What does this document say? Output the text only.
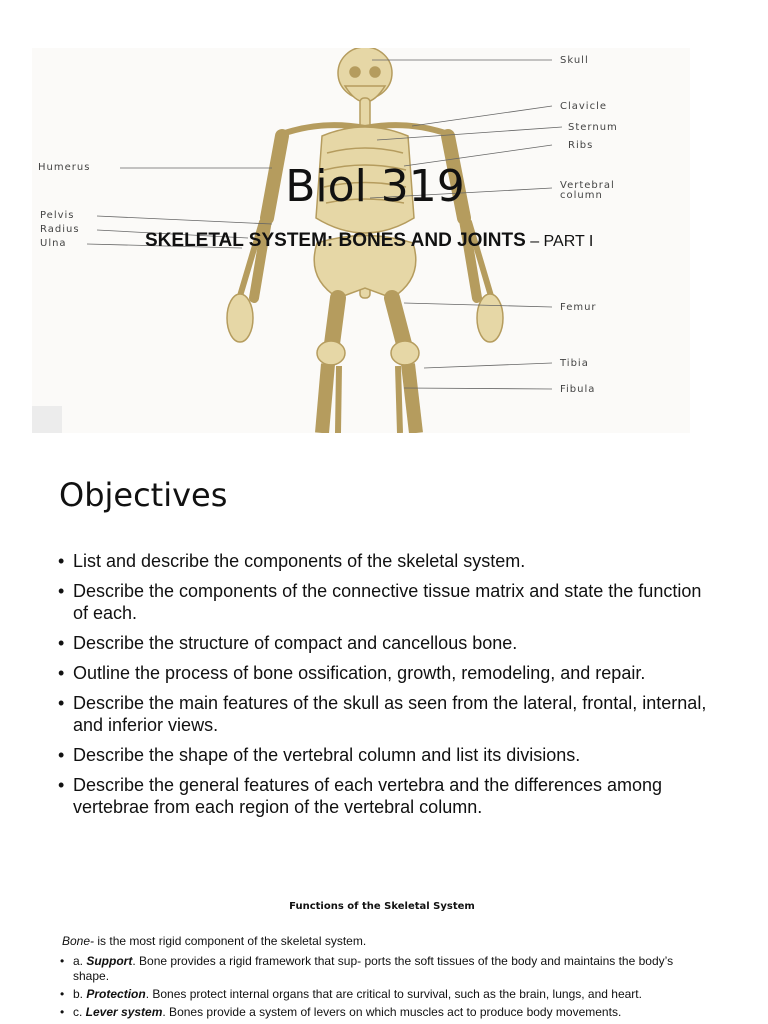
Skull
Clavicle
Sternum
Ribs
Vertebral
column
Femur
Tibia
Fibula
Humerus
Pelvis
Radius
Ulna
Biol 319
SKELETAL SYSTEM: BONES AND JOINTS – PART I
Objectives
• List and describe the components of the skeletal system.
• Describe the components of the connective tissue matrix and state the function of each.
• Describe the structure of compact and cancellous bone.
• Outline the process of bone ossification, growth, remodeling, and repair.
• Describe the main features of the skull as seen from the lateral, frontal, internal, and inferior views.
• Describe the shape of the vertebral column and list its divisions.
• Describe the general features of each vertebra and the differences among vertebrae from each region of the vertebral column.
Functions of the Skeletal System
Bone- is the most rigid component of the skeletal system.
• a. Support. Bone provides a rigid framework that sup- ports the soft tissues of the body and maintains the body’s shape.
• b. Protection. Bones protect internal organs that are critical to survival, such as the brain, lungs, and heart.
• c. Lever system. Bones provide a system of levers on which muscles act to produce body movements.
